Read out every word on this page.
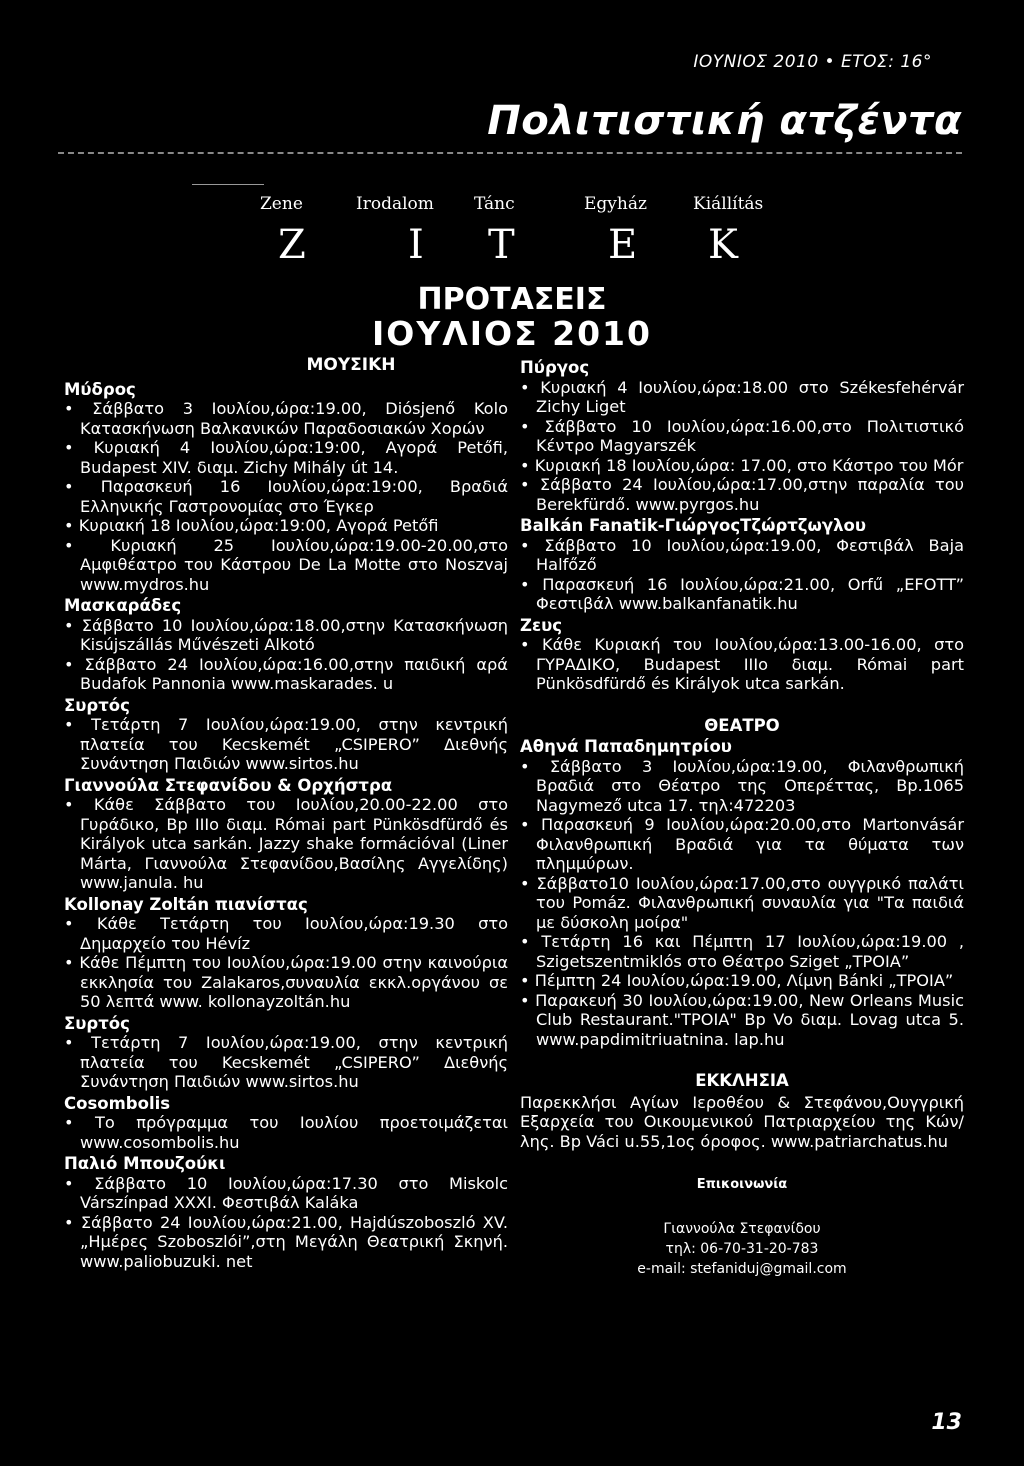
ΙΟΥΝΙΟΣ 2010 • ΕΤΟΣ: 16°
Πολιτιστική ατζέντα
Zene	Irodalom Tánc	Egyház	Kiállítás
Z	I T E K
ΠΡΟΤΑΣΕΙΣ
ΙΟΥΛΙΟΣ 2010
ΜΟΥΣΙΚΗ
Μύδρος
• Σάββατο 3 Ιουλίου,ώρα:19.00, Diósjenő Kolo Κατασκήνωση Βαλκανικών Παραδοσιακών Χορών
• Κυριακή 4 Ιουλίου,ώρα:19:00, Αγορά Petőfi, Budapest XIV. διαμ. Zichy Mihály út 14.
• Παρασκευή 16 Ιουλίου,ώρα:19:00, Βραδιά Ελληνικής Γαστρονομίας στο Έγκερ
• Κυριακή 18 Ιουλίου,ώρα:19:00, Αγορά Petőfi
• Κυριακή 25 Ιουλίου,ώρα:19.00-20.00,στο Αμφιθέατρο του Κάστρου De La Motte στο Noszvaj www.mydros.hu
Μασκαράδες
• Σάββατο 10 Ιουλίου,ώρα:18.00,στην Κατασκήνωση Kisújszállás Művészeti Alkotó
• Σάββατο 24 Ιουλίου,ώρα:16.00,στην παιδική αρά Budafok Pannonia www.maskarades. u
Συρτός
• Τετάρτη 7 Ιουλίου,ώρα:19.00, στην κεντρική πλατεία του Kecskemét „CSIPERO” Διεθνής Συνάντηση Παιδιών www.sirtos.hu
Γιαννούλα Στεφανίδου & Ορχήστρα
• Κάθε Σάββατο του Ιουλίου,20.00-22.00 στο Γυράδικο, Bp IIIo διαμ. Római part Pünkösdfürdő és Királyok utca sarkán. Jazzy shake formációval (Liner Márta, Γιαννούλα Στεφανίδου,Βασίλης Αγγελίδης) www.janula. hu
Kollonay Zoltán πιανίστας
• Κάθε Τετάρτη του Ιουλίου,ώρα:19.30 στο Δημαρχείο του Hévíz
• Κάθε Πέμπτη του Ιουλίου,ώρα:19.00 στην καινούρια εκκλησία του Zalakaros,συναυλία εκκλ.οργάνου σε 50 λεπτά www. kollonayzoltán.hu
Συρτός
• Τετάρτη 7 Ιουλίου,ώρα:19.00, στην κεντρική πλατεία του Kecskemét „CSIPERO” Διεθνής Συνάντηση Παιδιών www.sirtos.hu
Cosombolis
• Το πρόγραμμα του Ιουλίου προετοιμάζεται www.cosombolis.hu
Παλιό Μπουζούκι
• Σάββατο 10 Ιουλίου,ώρα:17.30 στο Miskolc Várszínpad XXXI. Φεστιβάλ Kaláka
• Σάββατο 24 Ιουλίου,ώρα:21.00, Hajdúszoboszló XV. „Ημέρες Szoboszlói”,στη Μεγάλη Θεατρική Σκηνή. www.paliobuzuki. net
Πύργος
• Κυριακή 4 Ιουλίου,ώρα:18.00 στο Székesfehérvár Zichy Liget
• Σάββατο 10 Ιουλίου,ώρα:16.00,στο Πολιτιστικό Κέντρο Magyarszék
• Κυριακή 18 Ιουλίου,ώρα: 17.00, στο Κάστρο του Mór
• Σάββατο 24 Ιουλίου,ώρα:17.00,στην παραλία του Berekfürdő. www.pyrgos.hu
Balkán Fanatik-ΓιώργοςΤζώρτζωγλου
• Σάββατο 10 Ιουλίου,ώρα:19.00, Φεστιβάλ Baja Halfőző
• Παρασκευή 16 Ιουλίου,ώρα:21.00, Orfű „EFOTT” Φεστιβάλ www.balkanfanatik.hu
Ζευς
• Κάθε Κυριακή του Ιουλίου,ώρα:13.00-16.00, στο ΓΥΡΑΔΙΚΟ, Budapest IIIo διαμ. Római part Pünkösdfürdő és Királyok utca sarkán.
ΘΕΑΤΡΟ
Αθηνά Παπαδημητρίου
• Σάββατο 3 Ιουλίου,ώρα:19.00, Φιλανθρωπική Βραδιά στο Θέατρο της Οπερέττας, Bp.1065 Nagymező utca 17. τηλ:472203
• Παρασκευή 9 Ιουλίου,ώρα:20.00,στο Martonvásár Φιλανθρωπική Βραδιά για τα θύματα των πλημμύρων.
• Σάββατο10 Ιουλίου,ώρα:17.00,στο ουγγρικό παλάτι του Pomáz. Φιλανθρωπική συναυλία για "Τα παιδιά με δύσκολη μοίρα"
• Τετάρτη 16 και Πέμπτη 17 Ιουλίου,ώρα:19.00 , Szigetszentmiklós στο Θέατρο Sziget „ΤΡΟΙΑ”
• Πέμπτη 24 Ιουλίου,ώρα:19.00, Λίμνη Bánki „ΤΡΟΙΑ”
• Παρακευή 30 Ιουλίου,ώρα:19.00, New Orleans Music Club Restaurant."ΤΡΟΙΑ" Bp Vo διαμ. Lovag utca 5. www.papdimitriuatnina. lap.hu
ΕΚΚΛΗΣΙΑ
Παρεκκλήσι Αγίων Ιεροθέου & Στεφάνου,Ουγγρική Εξαρχεία του Οικουμενικού Πατριαρχείου της Κών/λης. Bp Váci u.55,1ος όροφος. www.patriarchatus.hu
Επικοινωνία
Γιαννούλα Στεφανίδου
τηλ: 06-70-31-20-783
e-mail: stefaniduj@gmail.com
13
